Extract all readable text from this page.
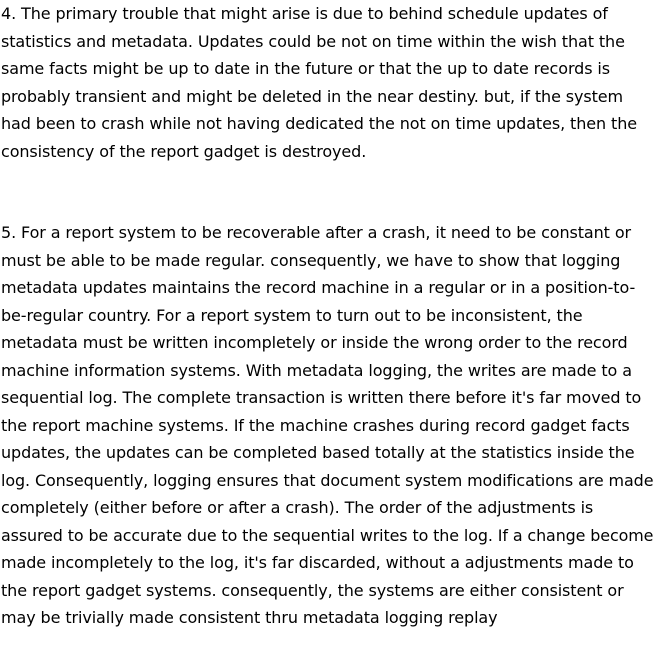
4. The primary trouble that might arise is due to behind schedule updates of
statistics and metadata. Updates could be not on time within the wish that the
same facts might be up to date in the future or that the up to date records is
probably transient and might be deleted in the near destiny. but, if the system
had been to crash while not having dedicated the not on time updates, then the
consistency of the report gadget is destroyed.
5. For a report system to be recoverable after a crash, it need to be constant or
must be able to be made regular. consequently, we have to show that logging
metadata updates maintains the record machine in a regular or in a position-to-
be-regular country. For a report system to turn out to be inconsistent, the
metadata must be written incompletely or inside the wrong order to the record
machine information systems. With metadata logging, the writes are made to a
sequential log. The complete transaction is written there before it's far moved to
the report machine systems. If the machine crashes during record gadget facts
updates, the updates can be completed based totally at the statistics inside the
log. Consequently, logging ensures that document system modifications are made
completely (either before or after a crash). The order of the adjustments is
assured to be accurate due to the sequential writes to the log. If a change become
made incompletely to the log, it's far discarded, without a adjustments made to
the report gadget systems. consequently, the systems are either consistent or
may be trivially made consistent thru metadata logging replay
